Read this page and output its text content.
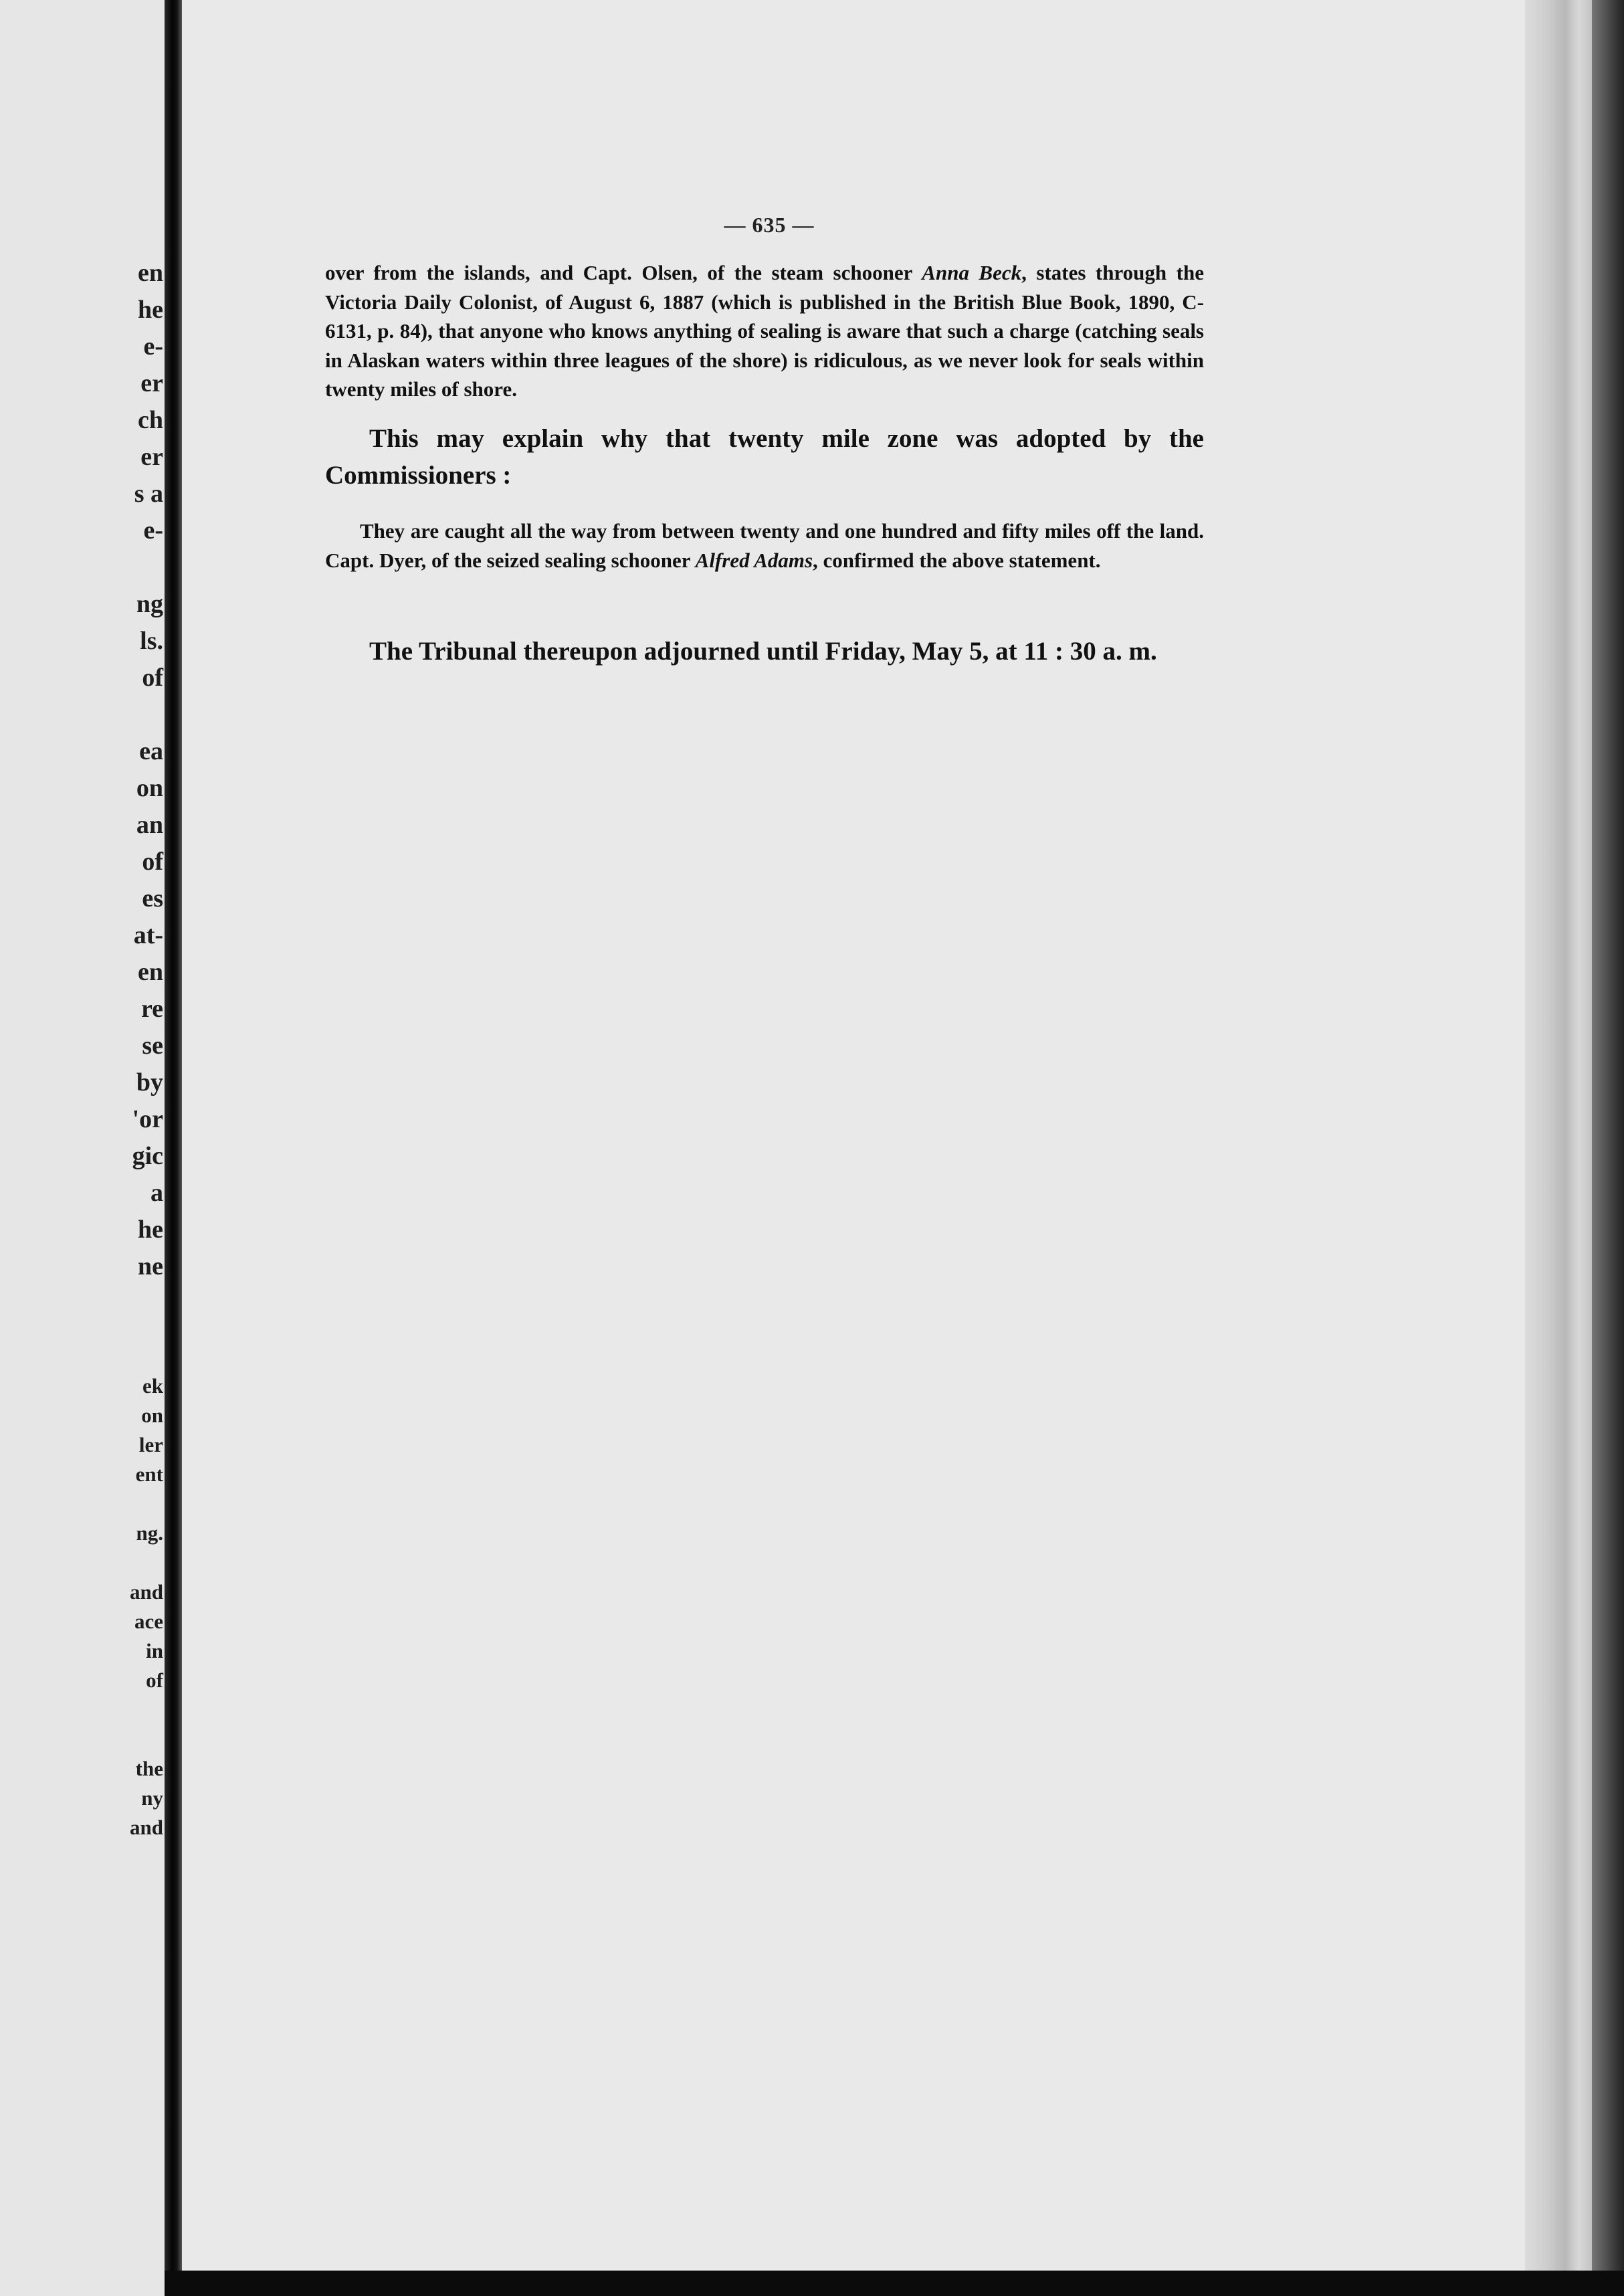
en
he
e-
er
ch
er
s a
e-
ng
ls.
of
ea
on
an
of
es
at-
en
re
se
by
'or
gic
a
he
ne
ek
on
ler
ent
ng.
and
ace
in
of
the
ny
and
— 635 —

over from the islands, and Capt. Olsen, of the steam schooner Anna Beck, states through the Victoria Daily Colonist, of August 6, 1887 (which is published in the British Blue Book, 1890, C-6131, p. 84), that anyone who knows anything of sealing is aware that such a charge (catching seals in Alaskan waters within three leagues of the shore) is ridiculous, as we never look for seals within twenty miles of shore.

This may explain why that twenty mile zone was adopted by the Commissioners :

They are caught all the way from between twenty and one hundred and fifty miles off the land. Capt. Dyer, of the seized sealing schooner Alfred Adams, confirmed the above statement.

The Tribunal thereupon adjourned until Friday, May 5, at 11 : 30 a. m.
